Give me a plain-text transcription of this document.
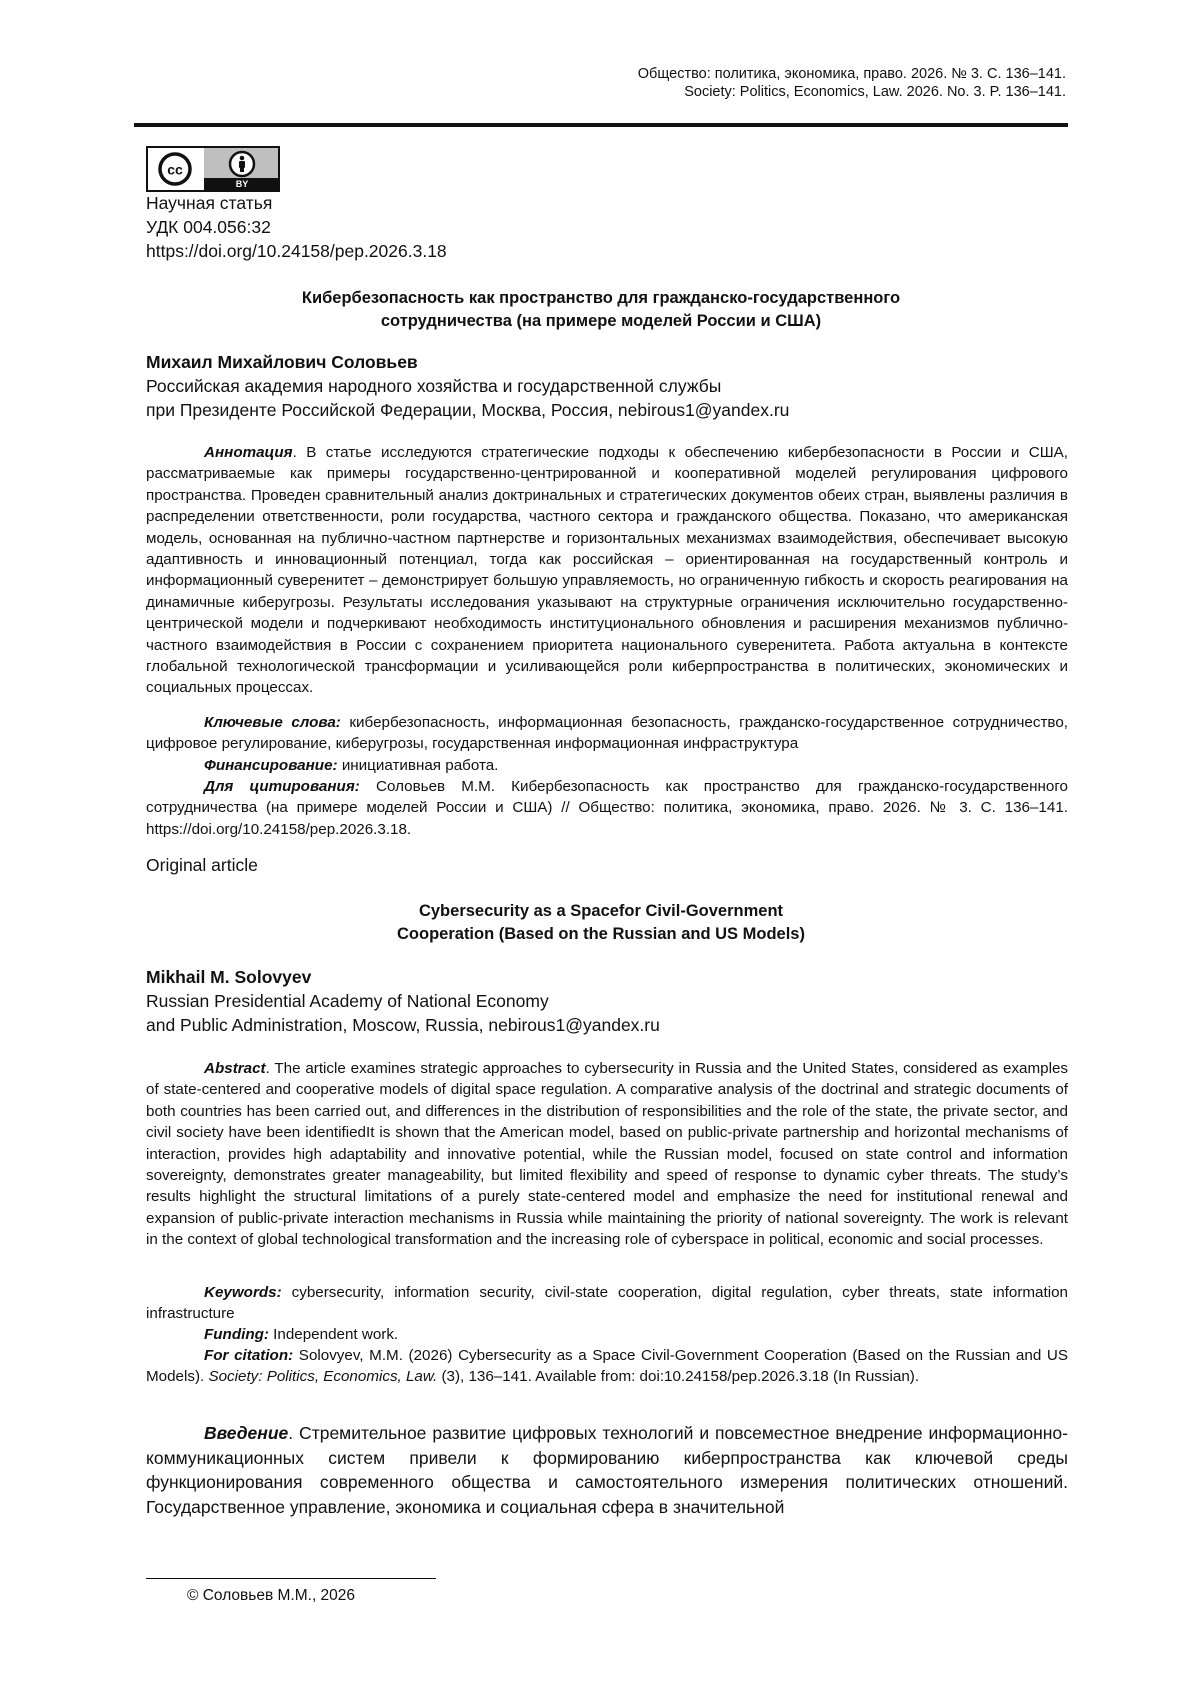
Общество: политика, экономика, право. 2026. № 3. С. 136–141.
Society: Politics, Economics, Law. 2026. No. 3. P. 136–141.
cc
BY
Научная статья
УДК 004.056:32
https://doi.org/10.24158/pep.2026.3.18
Кибербезопасность как пространство для гражданско-государственного
сотрудничества (на примере моделей России и США)
Михаил Михайлович Соловьев
Российская академия народного хозяйства и государственной службы
при Президенте Российской Федерации, Москва, Россия, nebirous1@yandex.ru

Аннотация. В статье исследуются стратегические подходы к обеспечению кибербезопасности в России и США, рассматриваемые как примеры государственно-центрированной и кооперативной моделей регулирования цифрового пространства. Проведен сравнительный анализ доктринальных и стратегических документов обеих стран, выявлены различия в распределении ответственности, роли государства, частного сектора и гражданского общества. Показано, что американская модель, основанная на публично-частном партнерстве и горизонтальных механизмах взаимодействия, обеспечивает высокую адаптивность и инновационный потенциал, тогда как российская – ориентированная на государственный контроль и информационный суверенитет – демонстрирует большую управляемость, но ограниченную гибкость и скорость реагирования на динамичные киберугрозы. Результаты исследования указывают на структурные ограничения исключительно государственно-центрической модели и подчеркивают необходимость институционального обновления и расширения механизмов публично-частного взаимодействия в России с сохранением приоритета национального суверенитета. Работа актуальна в контексте глобальной технологической трансформации и усиливающейся роли киберпространства в политических, экономических и социальных процессах.

Ключевые слова: кибербезопасность, информационная безопасность, гражданско-государственное сотрудничество, цифровое регулирование, киберугрозы, государственная информационная инфраструктура

Финансирование: инициативная работа.

Для цитирования: Соловьев М.М. Кибербезопасность как пространство для гражданско-государственного сотрудничества (на примере моделей России и США) // Общество: политика, экономика, право. 2026. № 3. С. 136–141. https://doi.org/10.24158/pep.2026.3.18.

Original article
Cybersecurity as a Spacefor Civil-Government
Cooperation (Based on the Russian and US Models)
Mikhail M. Solovyev
Russian Presidential Academy of National Economy
and Public Administration, Moscow, Russia, nebirous1@yandex.ru

Abstract. The article examines strategic approaches to cybersecurity in Russia and the United States, considered as examples of state-centered and cooperative models of digital space regulation. A comparative analysis of the doctrinal and strategic documents of both countries has been carried out, and differences in the distribution of responsibilities and the role of the state, the private sector, and civil society have been identifiedIt is shown that the American model, based on public-private partnership and horizontal mechanisms of interaction, provides high adaptability and innovative potential, while the Russian model, focused on state control and information sovereignty, demonstrates greater manageability, but limited flexibility and speed of response to dynamic cyber threats. The study’s results highlight the structural limitations of a purely state-centered model and emphasize the need for institutional renewal and expansion of public-private interaction mechanisms in Russia while maintaining the priority of national sovereignty. The work is relevant in the context of global technological transformation and the increasing role of cyberspace in political, economic and social processes.

Keywords: cybersecurity, information security, civil-state cooperation, digital regulation, cyber threats, state information infrastructure

Funding: Independent work.

For citation: Solovyev, M.M. (2026) Cybersecurity as a Space Civil-Government Cooperation (Based on the Russian and US Models). Society: Politics, Economics, Law. (3), 136–141. Available from: doi:10.24158/pep.2026.3.18 (In Russian).

Введение. Стремительное развитие цифровых технологий и повсеместное внедрение информационно-коммуникационных систем привели к формированию киберпространства как ключевой среды функционирования современного общества и самостоятельного измерения политических отношений. Государственное управление, экономика и социальная сфера в значительной

© Соловьев М.М., 2026
